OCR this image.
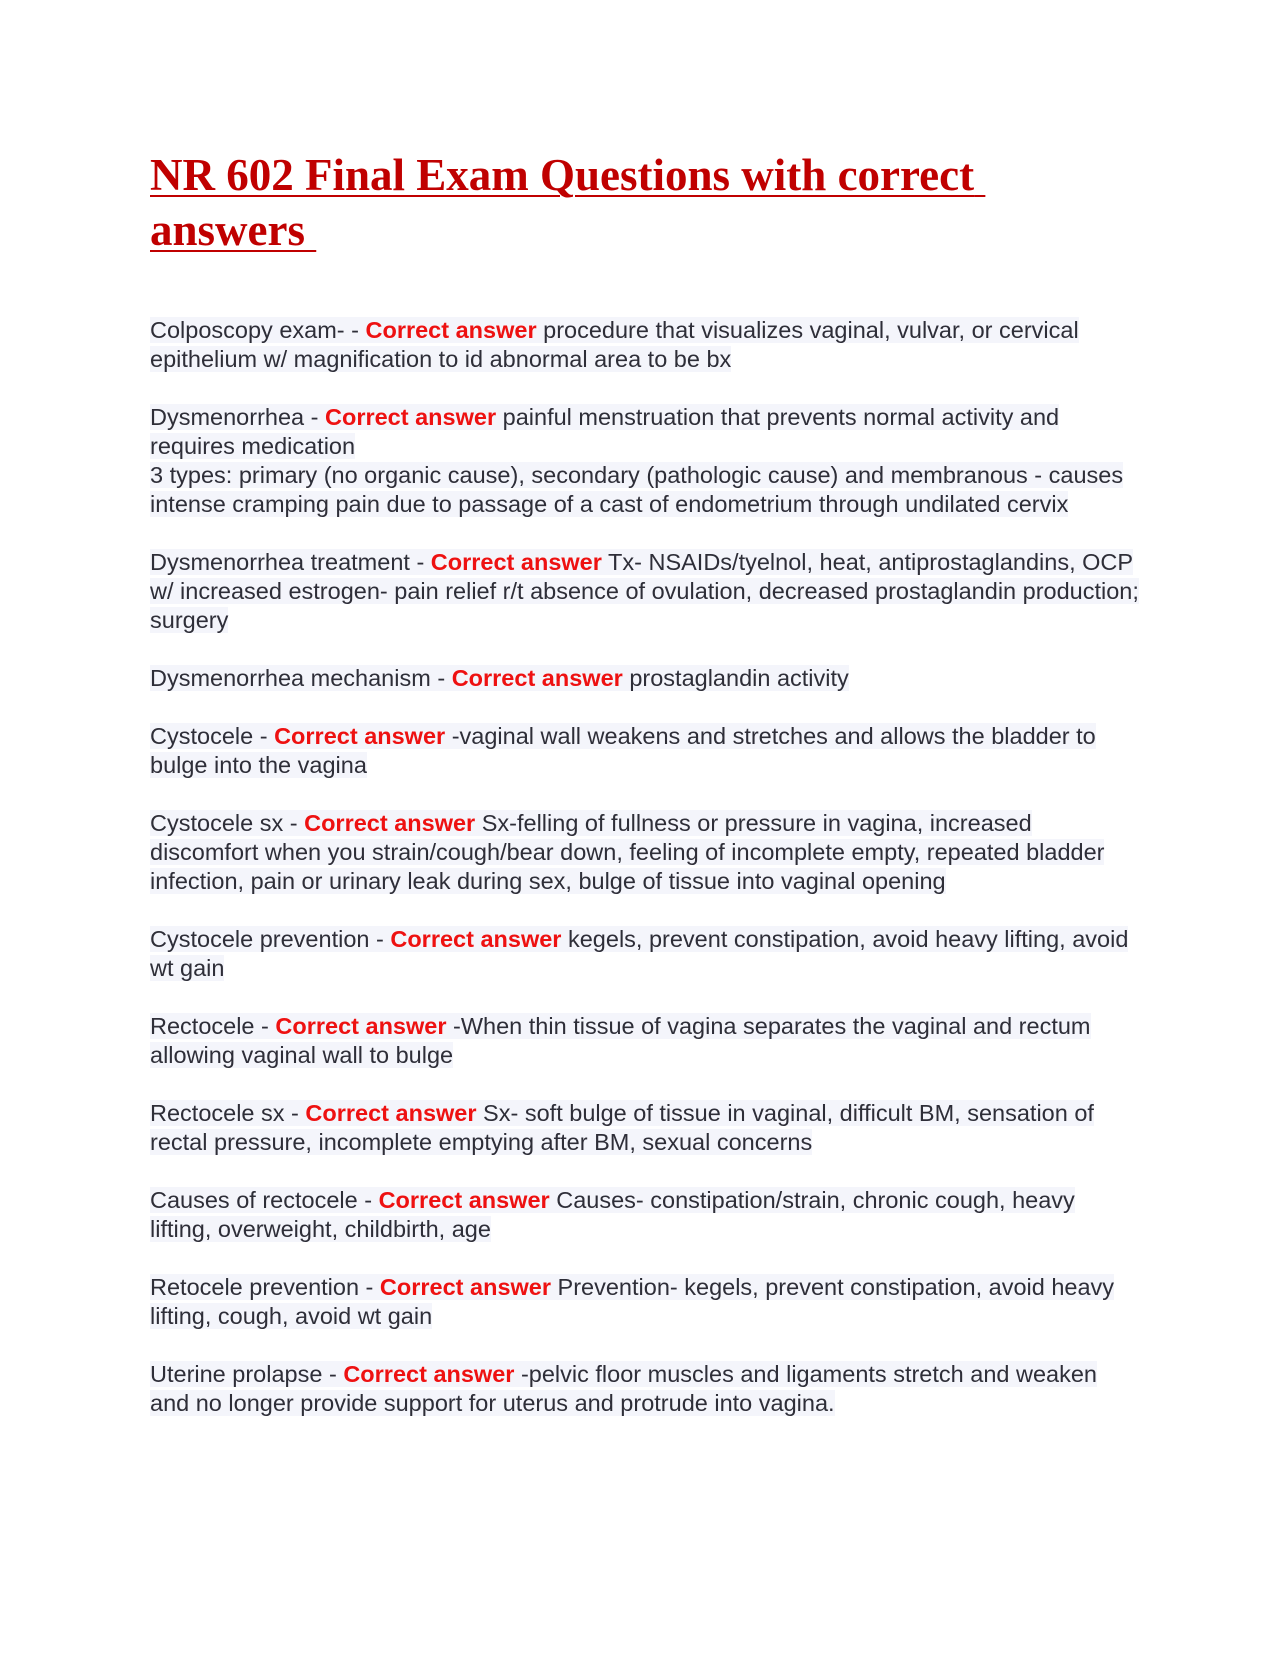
NR 602 Final Exam Questions with correct answers

Colposcopy exam- - Correct answer procedure that visualizes vaginal, vulvar, or cervical epithelium w/ magnification to id abnormal area to be bx

Dysmenorrhea - Correct answer painful menstruation that prevents normal activity and requires medication
3 types: primary (no organic cause), secondary (pathologic cause) and membranous - causes intense cramping pain due to passage of a cast of endometrium through undilated cervix

Dysmenorrhea treatment - Correct answer Tx- NSAIDs/tyelnol, heat, antiprostaglandins, OCP w/ increased estrogen- pain relief r/t absence of ovulation, decreased prostaglandin production; surgery

Dysmenorrhea mechanism - Correct answer prostaglandin activity

Cystocele - Correct answer -vaginal wall weakens and stretches and allows the bladder to bulge into the vagina

Cystocele sx - Correct answer Sx-felling of fullness or pressure in vagina, increased discomfort when you strain/cough/bear down, feeling of incomplete empty, repeated bladder infection, pain or urinary leak during sex, bulge of tissue into vaginal opening

Cystocele prevention - Correct answer kegels, prevent constipation, avoid heavy lifting, avoid wt gain

Rectocele - Correct answer -When thin tissue of vagina separates the vaginal and rectum allowing vaginal wall to bulge

Rectocele sx - Correct answer Sx- soft bulge of tissue in vaginal, difficult BM, sensation of rectal pressure, incomplete emptying after BM, sexual concerns

Causes of rectocele - Correct answer Causes- constipation/strain, chronic cough, heavy lifting, overweight, childbirth, age

Retocele prevention - Correct answer Prevention- kegels, prevent constipation, avoid heavy lifting, cough, avoid wt gain

Uterine prolapse - Correct answer -pelvic floor muscles and ligaments stretch and weaken and no longer provide support for uterus and protrude into vagina.
